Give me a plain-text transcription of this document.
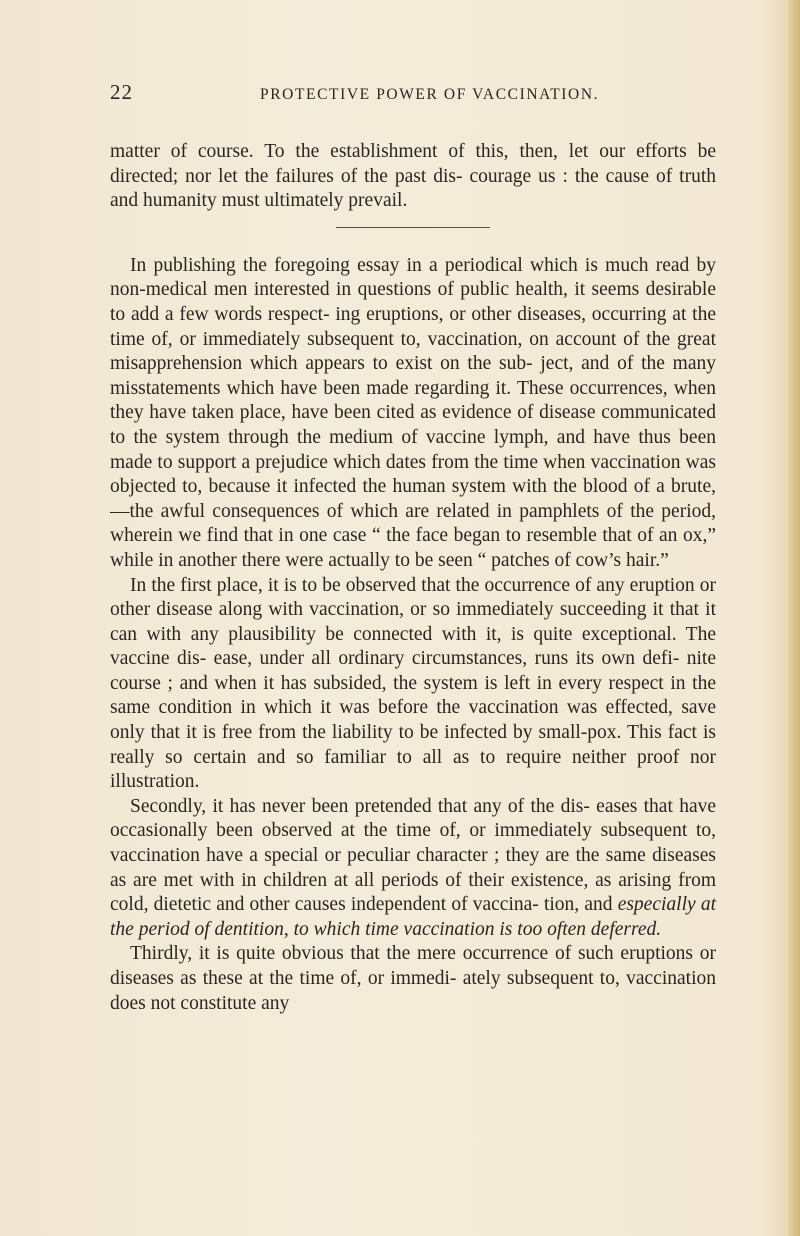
22	PROTECTIVE POWER OF VACCINATION.

matter of course. To the establishment of this, then, let our efforts be directed; nor let the failures of the past dis- courage us : the cause of truth and humanity must ultimately prevail.

In publishing the foregoing essay in a periodical which is much read by non-medical men interested in questions of public health, it seems desirable to add a few words respect- ing eruptions, or other diseases, occurring at the time of, or immediately subsequent to, vaccination, on account of the great misapprehension which appears to exist on the sub- ject, and of the many misstatements which have been made regarding it. These occurrences, when they have taken place, have been cited as evidence of disease communicated to the system through the medium of vaccine lymph, and have thus been made to support a prejudice which dates from the time when vaccination was objected to, because it infected the human system with the blood of a brute,—the awful consequences of which are related in pamphlets of the period, wherein we find that in one case “ the face began to resemble that of an ox,” while in another there were actually to be seen “ patches of cow’s hair.”

In the first place, it is to be observed that the occurrence of any eruption or other disease along with vaccination, or so immediately succeeding it that it can with any plausibility be connected with it, is quite exceptional. The vaccine dis- ease, under all ordinary circumstances, runs its own defi- nite course ; and when it has subsided, the system is left in every respect in the same condition in which it was before the vaccination was effected, save only that it is free from the liability to be infected by small-pox. This fact is really so certain and so familiar to all as to require neither proof nor illustration.

Secondly, it has never been pretended that any of the dis- eases that have occasionally been observed at the time of, or immediately subsequent to, vaccination have a special or peculiar character ; they are the same diseases as are met with in children at all periods of their existence, as arising from cold, dietetic and other causes independent of vaccina- tion, and especially at the period of dentition, to which time vaccination is too often deferred.

Thirdly, it is quite obvious that the mere occurrence of such eruptions or diseases as these at the time of, or immedi- ately subsequent to, vaccination does not constitute any
